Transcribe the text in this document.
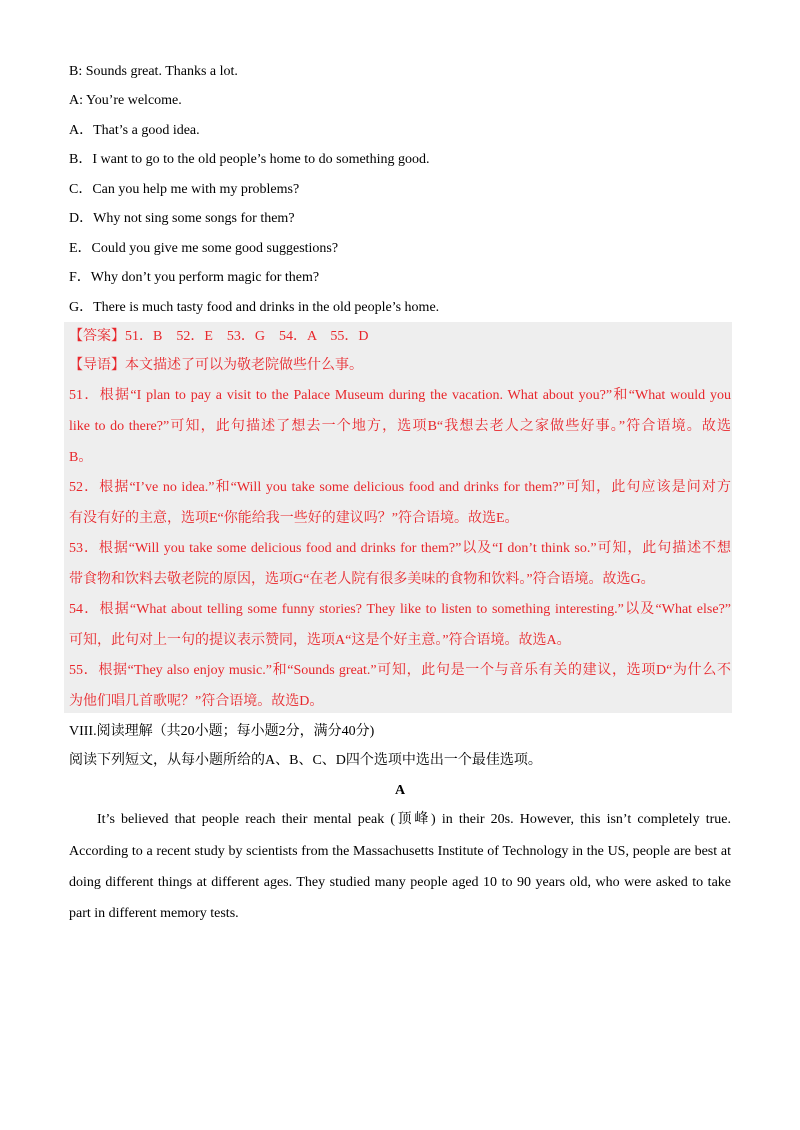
B: Sounds great. Thanks a lot.
A: You’re welcome.
A．That’s a good idea.
B．I want to go to the old people’s home to do something good.
C．Can you help me with my problems?
D．Why not sing some songs for them?
E．Could you give me some good suggestions?
F．Why don’t you perform magic for them?
G．There is much tasty food and drinks in the old people’s home.
【答案】51．B　52．E　53．G　54．A　55．D
【导语】本文描述了可以为敬老院做些什么事。
51．根据“I plan to pay a visit to the Palace Museum during the vacation. What about you?”和“What would you
like to do there?”可知，此句描述了想去一个地方，选项B“我想去老人之家做些好事。”符合语境。故选
B。
52．根据“I’ve no idea.”和“Will you take some delicious food and drinks for them?”可知，此句应该是问对方
有没有好的主意，选项E“你能给我一些好的建议吗？”符合语境。故选E。
53．根据“Will you take some delicious food and drinks for them?”以及“I don’t think so.”可知，此句描述不想
带食物和饮料去敬老院的原因，选项G“在老人院有很多美味的食物和饮料。”符合语境。故选G。
54．根据“What about telling some funny stories? They like to listen to something interesting.”以及“What else?”
可知，此句对上一句的提议表示赞同，选项A“这是个好主意。”符合语境。故选A。
55．根据“They also enjoy music.”和“Sounds great.”可知，此句是一个与音乐有关的建议，选项D“为什么不
为他们唱几首歌呢？”符合语境。故选D。
VIII.阅读理解（共20小题；每小题2分，满分40分)
阅读下列短文，从每小题所给的A、B、C、D四个选项中选出一个最佳选项。
A
It’s believed that people reach their mental peak (顶峰) in their 20s. However, this isn’t completely true.
According to a recent study by scientists from the Massachusetts Institute of Technology in the US, people are best at
doing different things at different ages. They studied many people aged 10 to 90 years old, who were asked to take
part in different memory tests.
